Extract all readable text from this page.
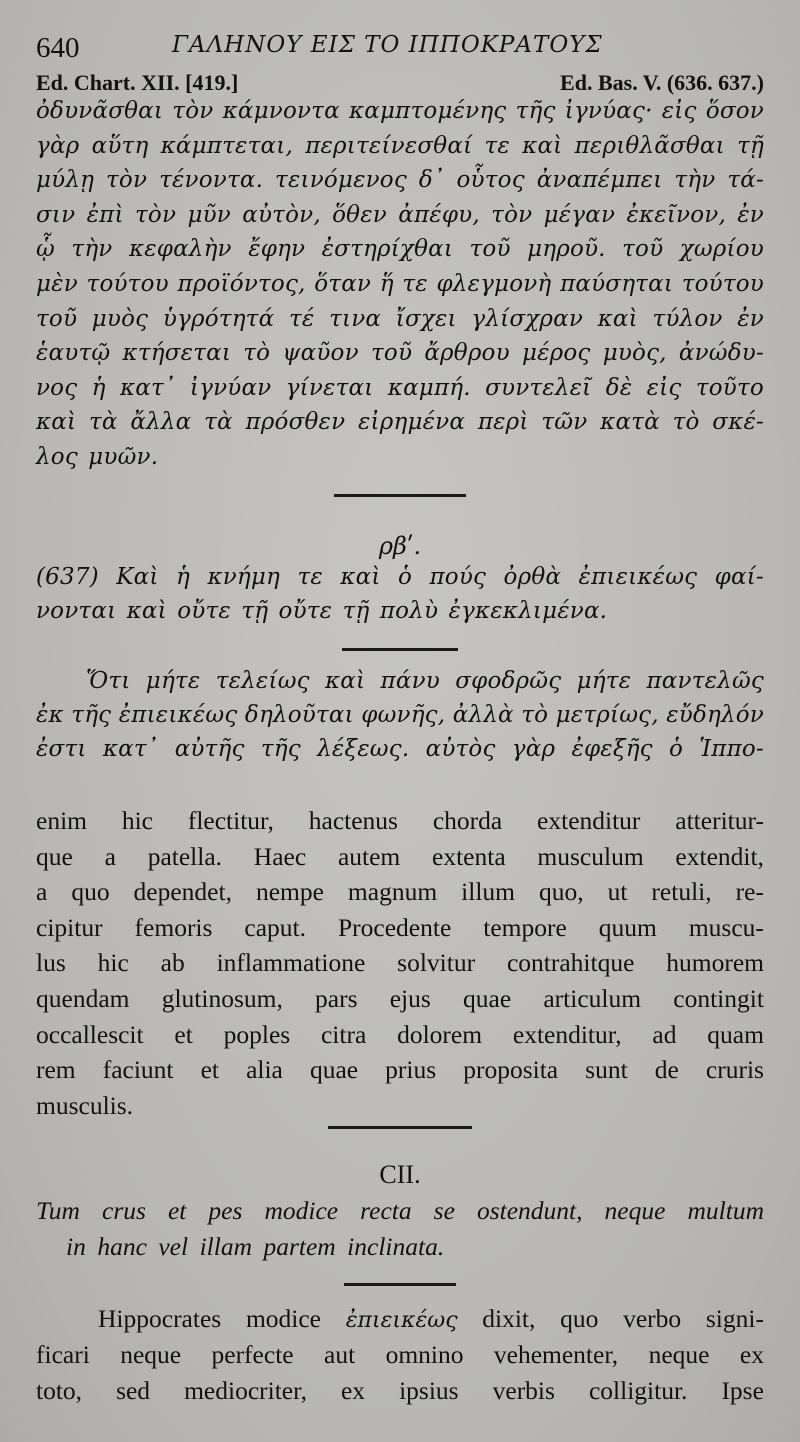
640	ΓΑΛΗΝΟΥ ΕΙΣ ΤΟ ΙΠΠΟΚΡΑΤΟΥΣ
Ed. Chart. XII. [419.]	Ed. Bas. V. (636. 637.)
ὀδυνᾶσθαι τὸν κάμνοντα καμπτομένης τῆς ἰγνύας· εἰς ὅσον
γὰρ αὕτη κάμπτεται, περιτείνεσθαί τε καὶ περιθλᾶσθαι τῇ
μύλῃ τὸν τένοντα. τεινόμενος δ᾽ οὗτος ἀναπέμπει τὴν τά-
σιν ἐπὶ τὸν μῦν αὐτὸν, ὅθεν ἀπέφυ, τὸν μέγαν ἐκεῖνον, ἐν
ᾧ τὴν κεφαλὴν ἔφην ἐστηρίχθαι τοῦ μηροῦ. τοῦ χωρίου
μὲν τούτου προϊόντος, ὅταν ἥ τε φλεγμονὴ παύσηται τούτου
τοῦ μυὸς ὑγρότητά τέ τινα ἴσχει γλίσχραν καὶ τύλον ἐν
ἑαυτῷ κτήσεται τὸ ψαῦον τοῦ ἄρθρου μέρος μυὸς, ἀνώδυ-
νος ἡ κατ᾽ ἰγνύαν γίνεται καμπή. συντελεῖ δὲ εἰς τοῦτο
καὶ τὰ ἄλλα τὰ πρόσθεν εἰρημένα περὶ τῶν κατὰ τὸ σκέ-
λος μυῶν.
ρβʹ.
(637) Καὶ ἡ κνήμη τε καὶ ὁ πούς ὀρθὰ ἐπιεικέως φαί-
νονται καὶ οὔτε τῇ οὔτε τῇ πολὺ ἐγκεκλιμένα.
Ὅτι μήτε τελείως καὶ πάνυ σφοδρῶς μήτε παντελῶς
ἐκ τῆς ἐπιεικέως δηλοῦται φωνῆς, ἀλλὰ τὸ μετρίως, εὔδηλόν
ἐστι κατ᾽ αὐτῆς τῆς λέξεως. αὐτὸς γὰρ ἐφεξῆς ὁ Ἱππο-
enim hic flectitur, hactenus chorda extenditur atteritur-
que a patella. Haec autem extenta musculum extendit,
a quo dependet, nempe magnum illum quo, ut retuli, re-
cipitur femoris caput. Procedente tempore quum muscu-
lus hic ab inflammatione solvitur contrahitque humorem
quendam glutinosum, pars ejus quae articulum contingit
occallescit et poples citra dolorem extenditur, ad quam
rem faciunt et alia quae prius proposita sunt de cruris
musculis.
CII.
Tum crus et pes modice recta se ostendunt, neque multum
in hanc vel illam partem inclinata.
Hippocrates modice ἐπιεικέως dixit, quo verbo signi-
ficari neque perfecte aut omnino vehementer, neque ex
toto, sed mediocriter, ex ipsius verbis colligitur. Ipse
